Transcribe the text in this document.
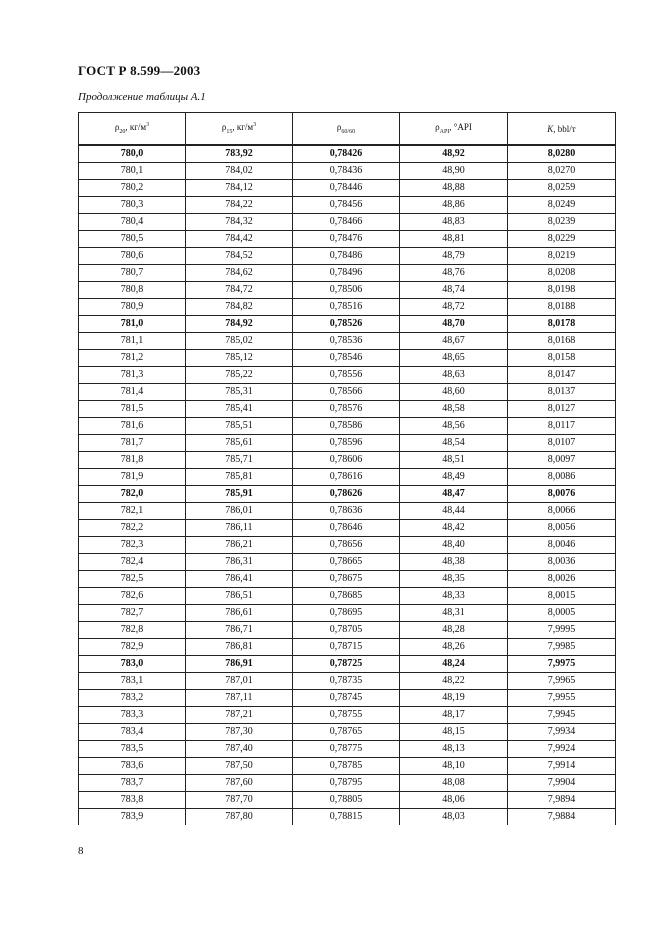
ГОСТ Р 8.599—2003
Продолжение таблицы А.1
$\rho_{20}$, $кг/м^3$	$\rho_{15}$, $кг/м^3$	$\rho_{60/60}$	$\rho_{API}$, °API	K, bbl/т
780,0	783,92	0,78426	48,92	8,0280
780,1	784,02	0,78436	48,90	8,0270
780,2	784,12	0,78446	48,88	8,0259
780,3	784,22	0,78456	48,86	8,0249
780,4	784,32	0,78466	48,83	8,0239
780,5	784,42	0,78476	48,81	8,0229
780,6	784,52	0,78486	48,79	8,0219
780,7	784,62	0,78496	48,76	8,0208
780,8	784,72	0,78506	48,74	8,0198
780,9	784,82	0,78516	48,72	8,0188
781,0	784,92	0,78526	48,70	8,0178
781,1	785,02	0,78536	48,67	8,0168
781,2	785,12	0,78546	48,65	8,0158
781,3	785,22	0,78556	48,63	8,0147
781,4	785,31	0,78566	48,60	8,0137
781,5	785,41	0,78576	48,58	8,0127
781,6	785,51	0,78586	48,56	8,0117
781,7	785,61	0,78596	48,54	8,0107
781,8	785,71	0,78606	48,51	8,0097
781,9	785,81	0,78616	48,49	8,0086
782,0	785,91	0,78626	48,47	8,0076
782,1	786,01	0,78636	48,44	8,0066
782,2	786,11	0,78646	48,42	8,0056
782,3	786,21	0,78656	48,40	8,0046
782,4	786,31	0,78665	48,38	8,0036
782,5	786,41	0,78675	48,35	8,0026
782,6	786,51	0,78685	48,33	8,0015
782,7	786,61	0,78695	48,31	8,0005
782,8	786,71	0,78705	48,28	7,9995
782,9	786,81	0,78715	48,26	7,9985
783,0	786,91	0,78725	48,24	7,9975
783,1	787,01	0,78735	48,22	7,9965
783,2	787,11	0,78745	48,19	7,9955
783,3	787,21	0,78755	48,17	7,9945
783,4	787,30	0,78765	48,15	7,9934
783,5	787,40	0,78775	48,13	7,9924
783,6	787,50	0,78785	48,10	7,9914
783,7	787,60	0,78795	48,08	7,9904
783,8	787,70	0,78805	48,06	7,9894
783,9	787,80	0,78815	48,03	7,9884
8
